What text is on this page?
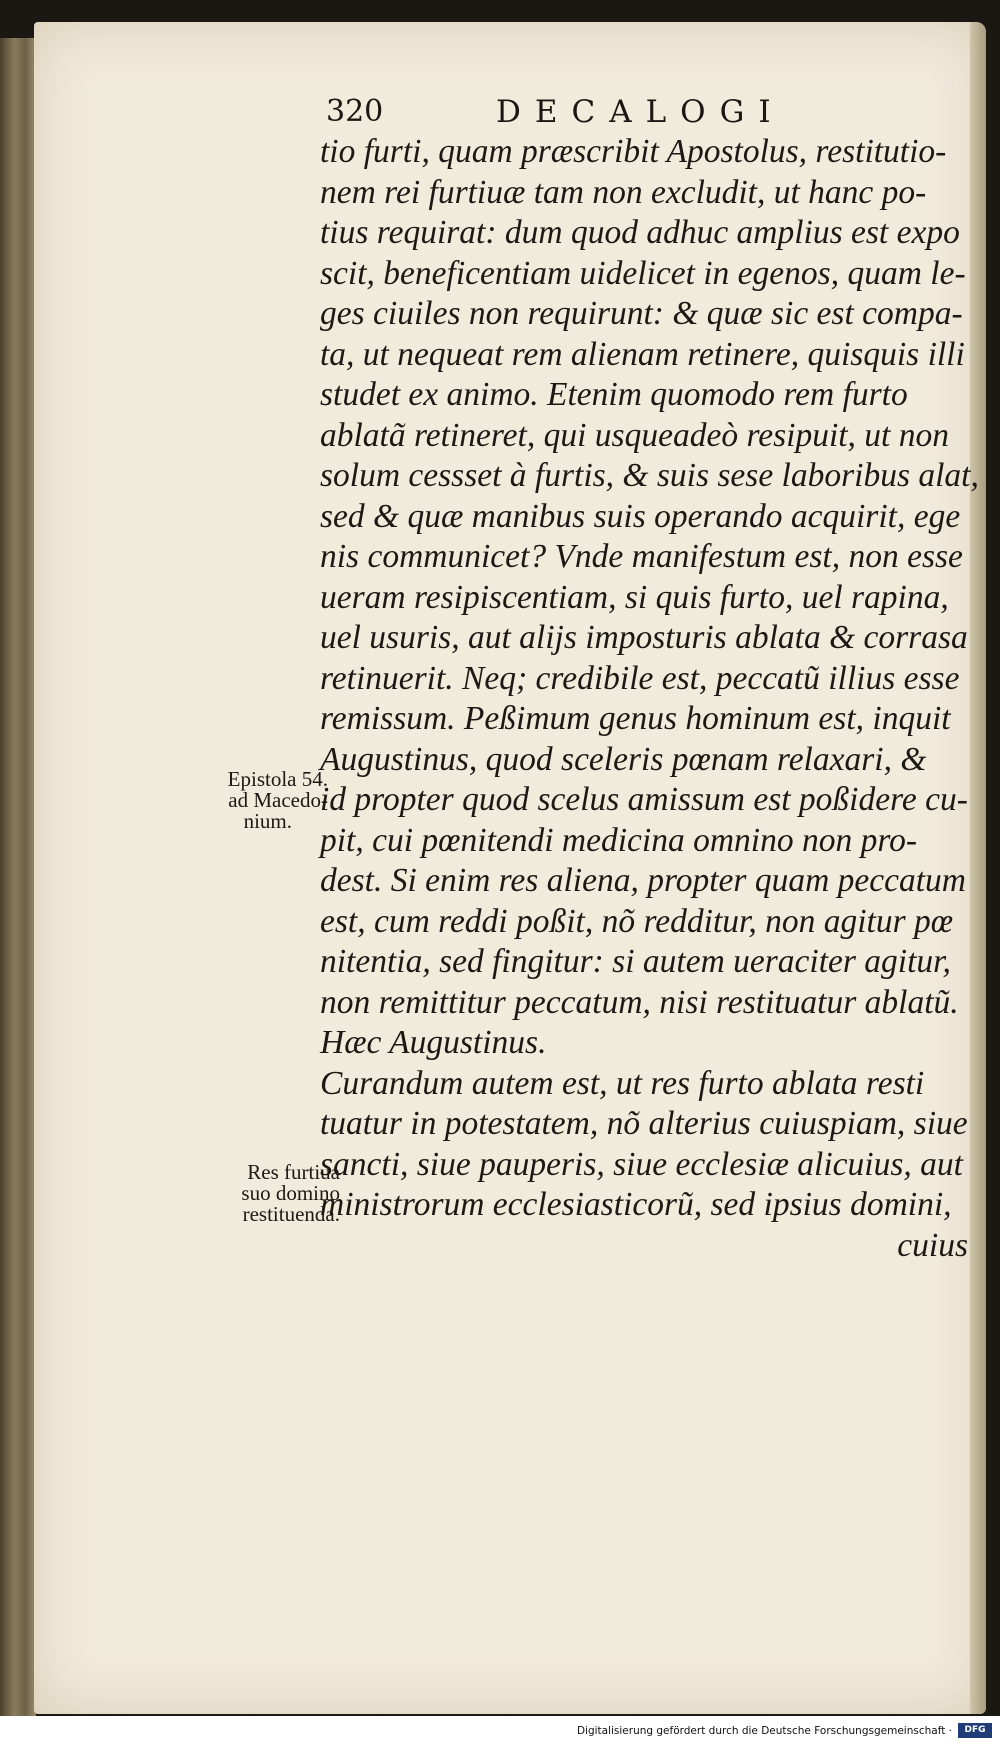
320	DECALOGI
tio furti, quam præscribit Apostolus, restitutio-
nem rei furtiuæ tam non excludit, ut hanc po-
tius requirat: dum quod adhuc amplius est expo
scit, beneficentiam uidelicet in egenos, quam le-
ges ciuiles non requirunt: & quæ sic est compa-
ta, ut nequeat rem alienam retinere, quisquis illi
studet ex animo. Etenim quomodo rem furto
ablatã retineret, qui usqueadeò resipuit, ut non
solum cessset à furtis, & suis sese laboribus alat,
sed & quæ manibus suis operando acquirit, ege
nis communicet? Vnde manifestum est, non esse
ueram resipiscentiam, si quis furto, uel rapina,
uel usuris, aut alijs imposturis ablata & corrasa
retinuerit. Neq; credibile est, peccatũ illius esse
remissum. Peßimum genus hominum est, inquit
Augustinus, quod sceleris pœnam relaxari, &
id propter quod scelus amissum est poßidere cu-
pit, cui pœnitendi medicina omnino non pro-
dest. Si enim res aliena, propter quam peccatum
est, cum reddi poßit, nõ redditur, non agitur pœ
nitentia, sed fingitur: si autem ueraciter agitur,
non remittitur peccatum, nisi restituatur ablatũ.
Hæc Augustinus.
Curandum autem est, ut res furto ablata resti
tuatur in potestatem, nõ alterius cuiuspiam, siue
sancti, siue pauperis, siue ecclesiæ alicuius, aut
ministrorum ecclesiasticorũ, sed ipsius domini,
cuius
Epistola 54.
ad Macedo-
nium.
Res furtiua
suo domino
restituenda.
Digitalisierung gefördert durch die Deutsche Forschungsgemeinschaft ·	DFG
